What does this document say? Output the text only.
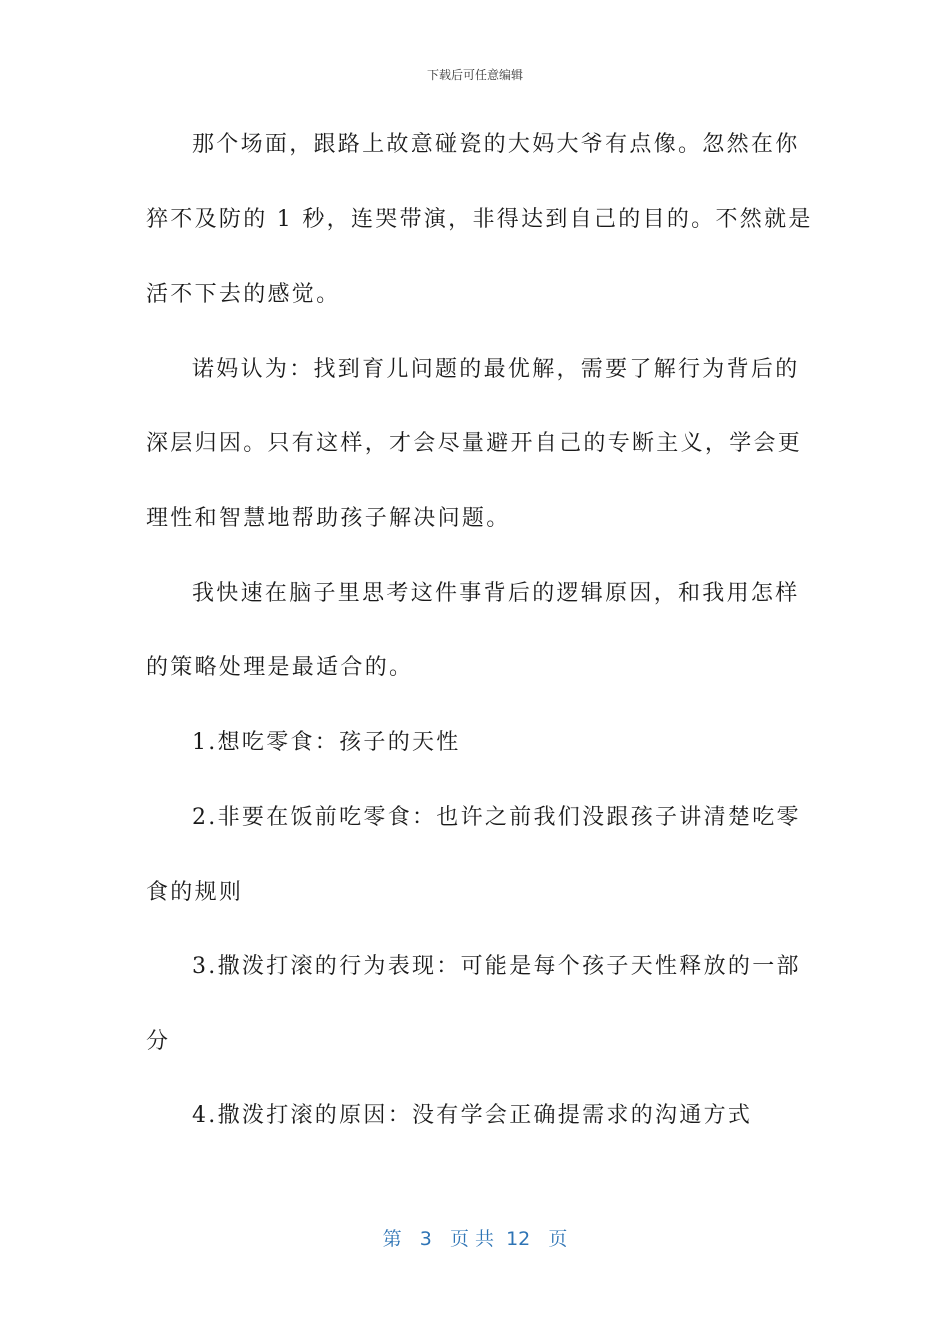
下载后可任意编辑
那个场面，跟路上故意碰瓷的大妈大爷有点像。忽然在你
猝不及防的 1 秒，连哭带演，非得达到自己的目的。不然就是
活不下去的感觉。
诺妈认为：找到育儿问题的最优解，需要了解行为背后的
深层归因。只有这样，才会尽量避开自己的专断主义，学会更
理性和智慧地帮助孩子解决问题。
我快速在脑子里思考这件事背后的逻辑原因，和我用怎样
的策略处理是最适合的。
1.想吃零食：孩子的天性
2.非要在饭前吃零食：也许之前我们没跟孩子讲清楚吃零
食的规则
3.撒泼打滚的行为表现：可能是每个孩子天性释放的一部
分
4.撒泼打滚的原因：没有学会正确提需求的沟通方式
第 3 页 共 12 页
